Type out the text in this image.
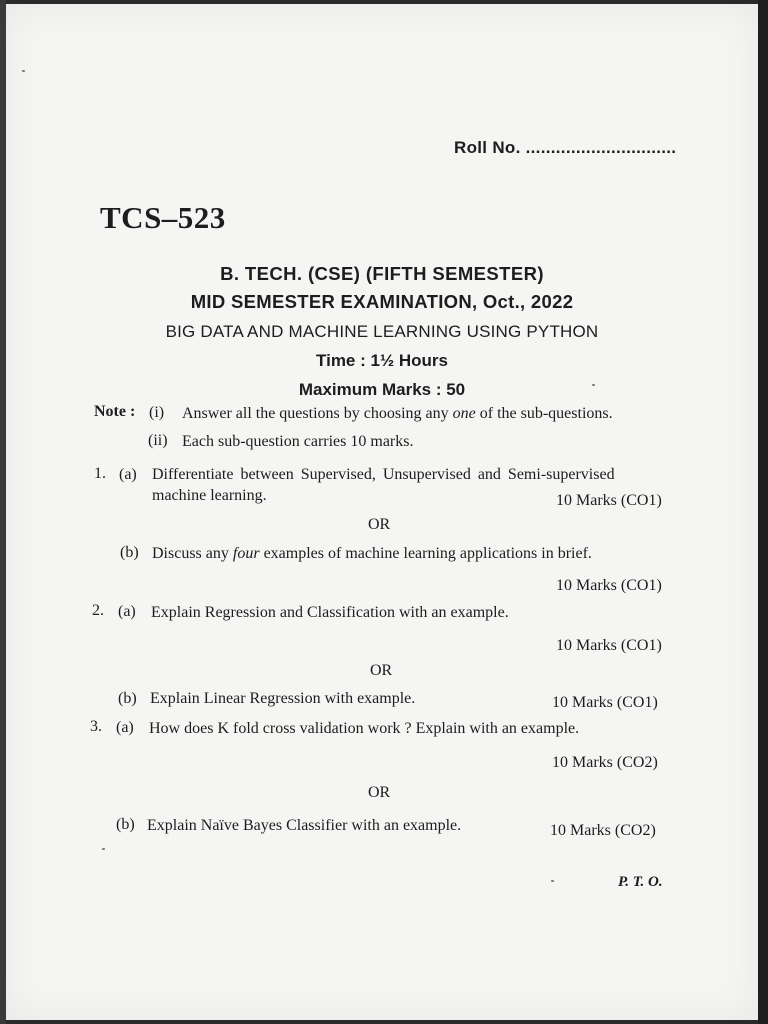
Roll No. ..............................
TCS–523
B. TECH. (CSE) (FIFTH SEMESTER)
MID SEMESTER EXAMINATION, Oct., 2022
BIG DATA AND MACHINE LEARNING USING PYTHON
Time : 1½ Hours
Maximum Marks : 50
Note : (i) Answer all the questions by choosing any one of the sub-questions.
(ii) Each sub-question carries 10 marks.
1. (a) Differentiate between Supervised, Unsupervised and Semi-supervised
machine learning.	10 Marks (CO1)
OR
(b) Discuss any four examples of machine learning applications in brief.
10 Marks (CO1)
2. (a) Explain Regression and Classification with an example.
10 Marks (CO1)
OR
(b) Explain Linear Regression with example.	10 Marks (CO1)
3. (a) How does K fold cross validation work ? Explain with an example.
10 Marks (CO2)
OR
(b) Explain Naïve Bayes Classifier with an example.	10 Marks (CO2)
P. T. O.
